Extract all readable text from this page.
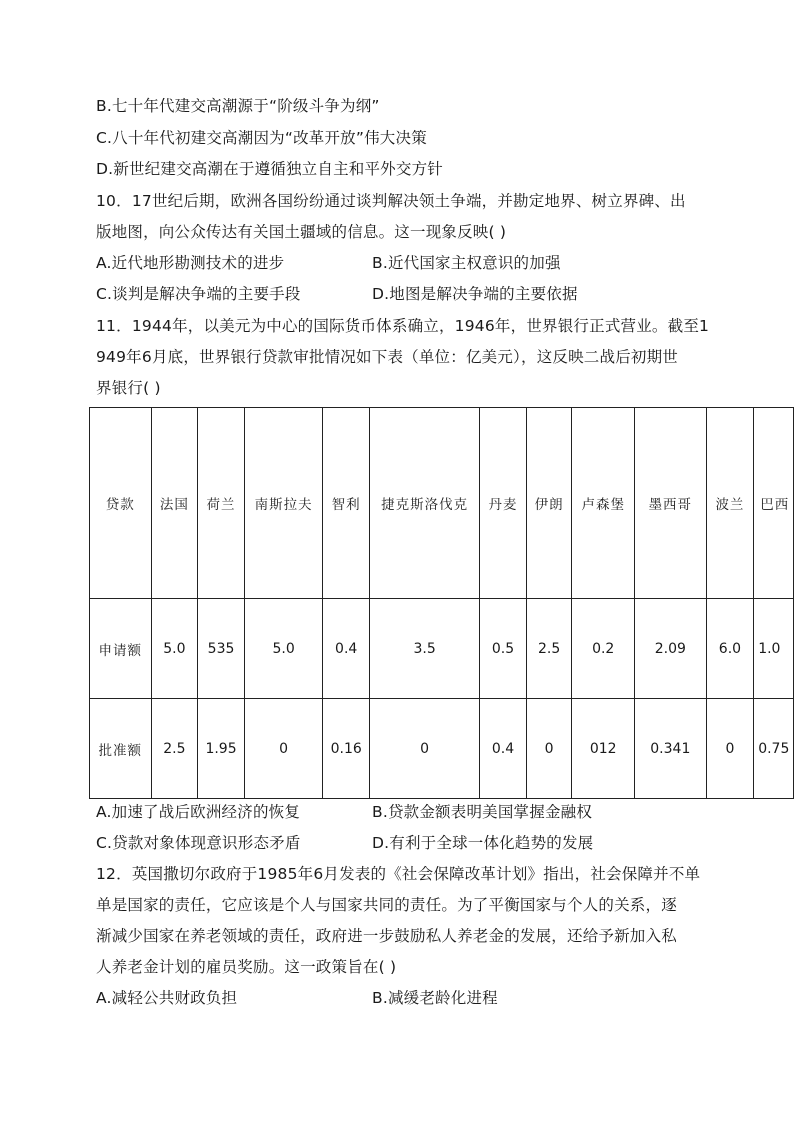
B.七十年代建交高潮源于“阶级斗争为纲”
C.八十年代初建交高潮因为“改革开放”伟大决策
D.新世纪建交高潮在于遵循独立自主和平外交方针
10．17世纪后期，欧洲各国纷纷通过谈判解决领土争端，并勘定地界、树立界碑、出
版地图，向公众传达有关国土疆域的信息。这一现象反映( )
A.近代地形勘测技术的进步	B.近代国家主权意识的加强
C.谈判是解决争端的主要手段	D.地图是解决争端的主要依据
11．1944年，以美元为中心的国际货币体系确立，1946年，世界银行正式营业。截至1
949年6月底，世界银行贷款审批情况如下表（单位：亿美元），这反映二战后初期世
界银行( )
贷款	法国	荷兰	南斯拉夫	智利	捷克斯洛伐克	丹麦	伊朗	卢森堡	墨西哥	波兰	巴西
申请额	5.0	535	5.0	0.4	3.5	0.5	2.5	0.2	2.09	6.0	1.0
批准额	2.5	1.95	0	0.16	0	0.4	0	012	0.341	0	0.75
A.加速了战后欧洲经济的恢复	B.贷款金额表明美国掌握金融权
C.贷款对象体现意识形态矛盾	D.有利于全球一体化趋势的发展
12．英国撒切尔政府于1985年6月发表的《社会保障改革计划》指出，社会保障并不单
单是国家的责任，它应该是个人与国家共同的责任。为了平衡国家与个人的关系，逐
渐减少国家在养老领域的责任，政府进一步鼓励私人养老金的发展，还给予新加入私
人养老金计划的雇员奖励。这一政策旨在( )
A.减轻公共财政负担	B.减缓老龄化进程
